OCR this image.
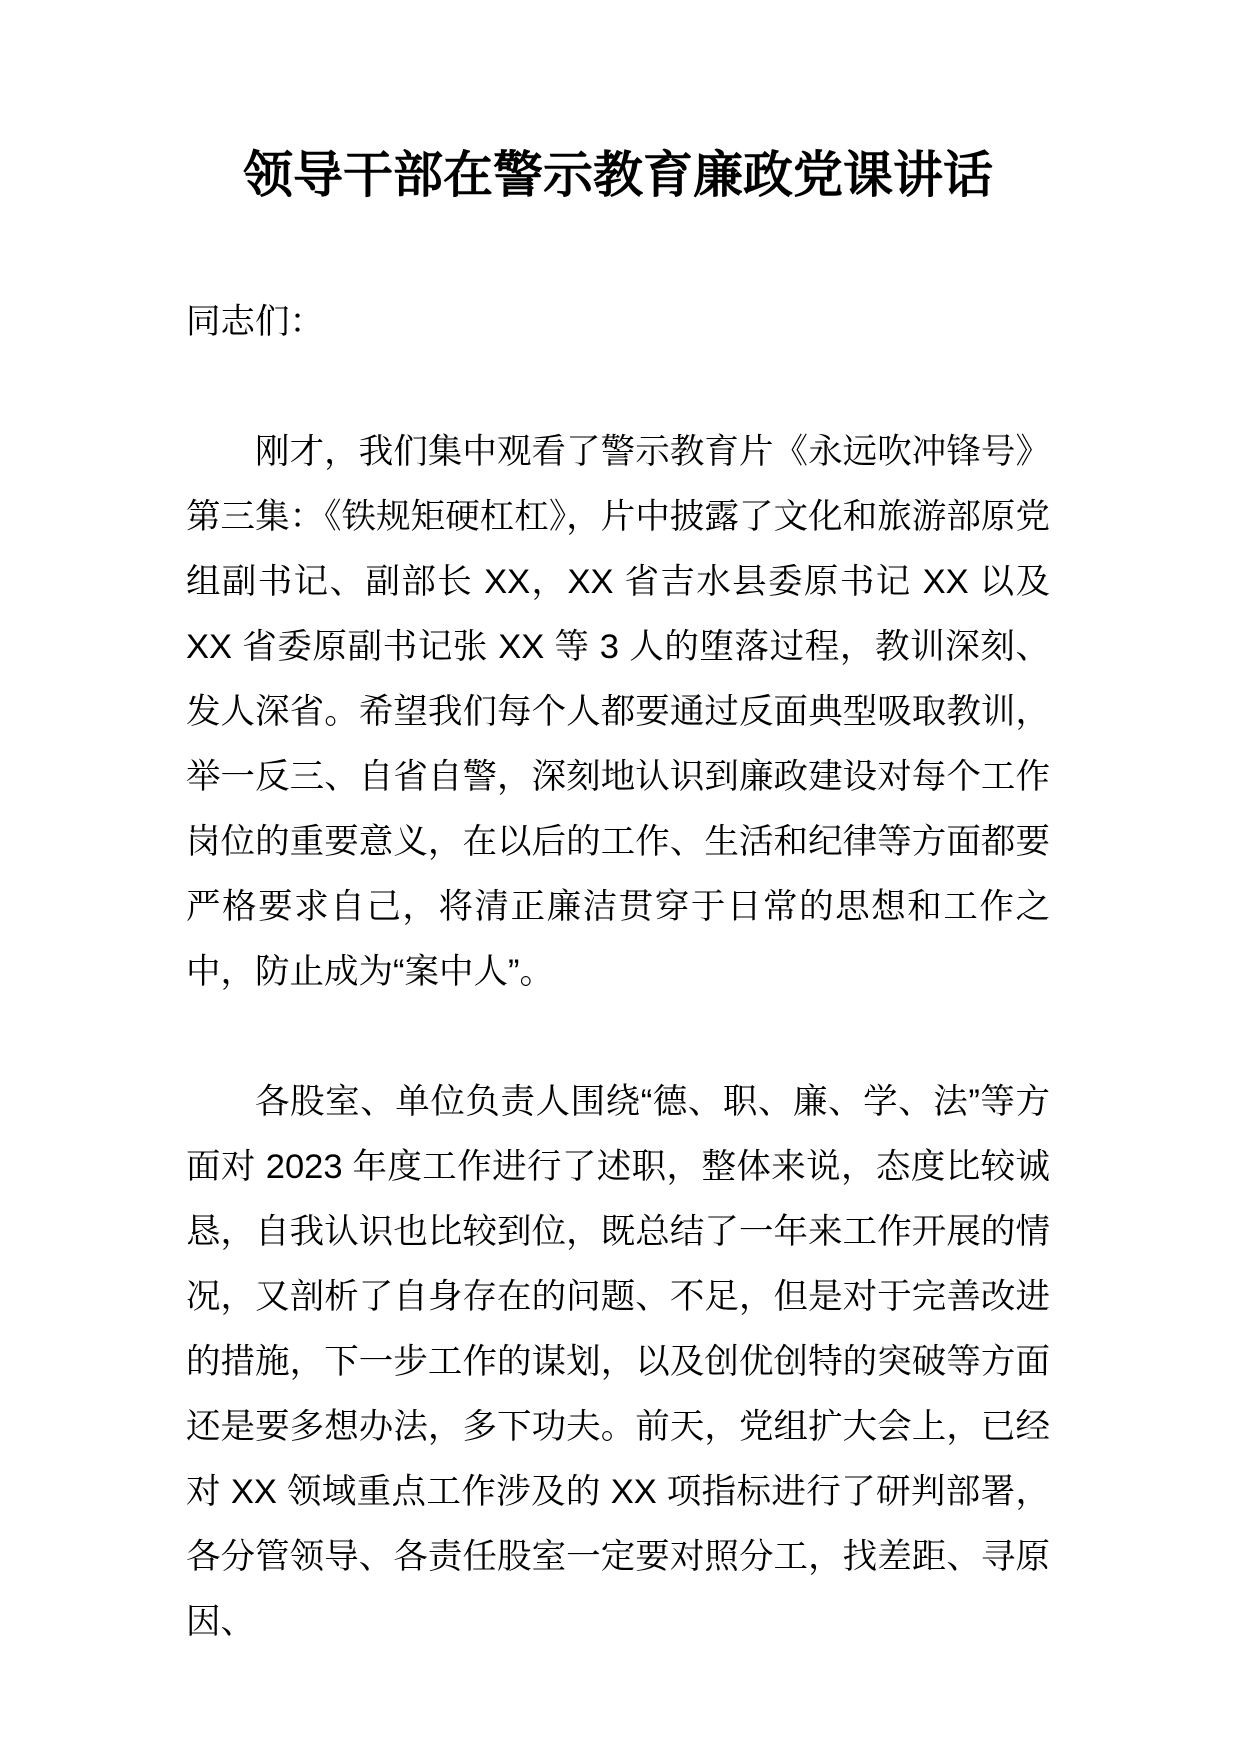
领导干部在警示教育廉政党课讲话

同志们：

刚才，我们集中观看了警示教育片《永远吹冲锋号》第三集：《铁规矩硬杠杠》，片中披露了文化和旅游部原党组副书记、副部长 XX，XX 省吉水县委原书记 XX 以及 XX 省委原副书记张 XX 等 3 人的堕落过程，教训深刻、发人深省。希望我们每个人都要通过反面典型吸取教训，举一反三、自省自警，深刻地认识到廉政建设对每个工作岗位的重要意义，在以后的工作、生活和纪律等方面都要严格要求自己，将清正廉洁贯穿于日常的思想和工作之中，防止成为“案中人”。

各股室、单位负责人围绕“德、职、廉、学、法”等方面对 2023 年度工作进行了述职，整体来说，态度比较诚恳，自我认识也比较到位，既总结了一年来工作开展的情况，又剖析了自身存在的问题、不足，但是对于完善改进的措施，下一步工作的谋划，以及创优创特的突破等方面还是要多想办法，多下功夫。前天，党组扩大会上，已经对 XX 领域重点工作涉及的 XX 项指标进行了研判部署，各分管领导、各责任股室一定要对照分工，找差距、寻原因、
